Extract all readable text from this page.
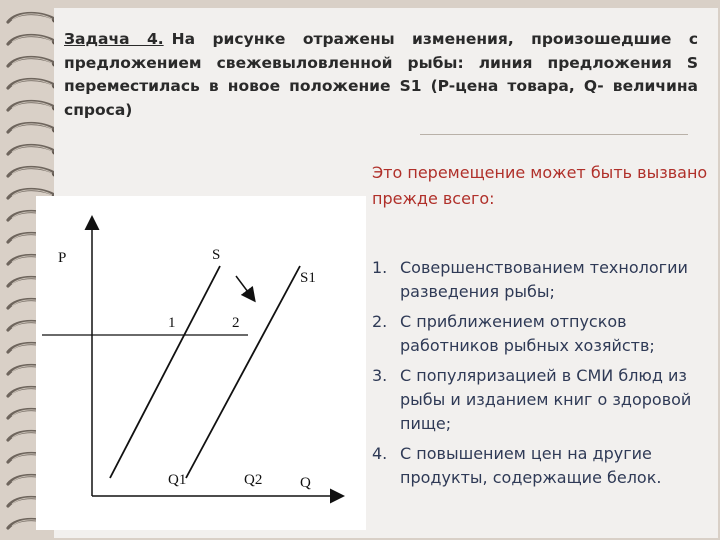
Задача 4. На рисунке отражены изменения, произошедшие с предложением свежевыловленной рыбы: линия предложения S переместилась в новое положение S1 (P-цена товара, Q- величина спроса)
P	S
S1
1	2
Q1	Q2	Q
Это перемещение может быть вызвано прежде всего:
1. Совершенствованием технологии разведения рыбы;
2. С приближением отпусков работников рыбных хозяйств;
3. С популяризацией в СМИ блюд из рыбы и изданием книг о здоровой пище;
4. С повышением цен на другие продукты, содержащие белок.
